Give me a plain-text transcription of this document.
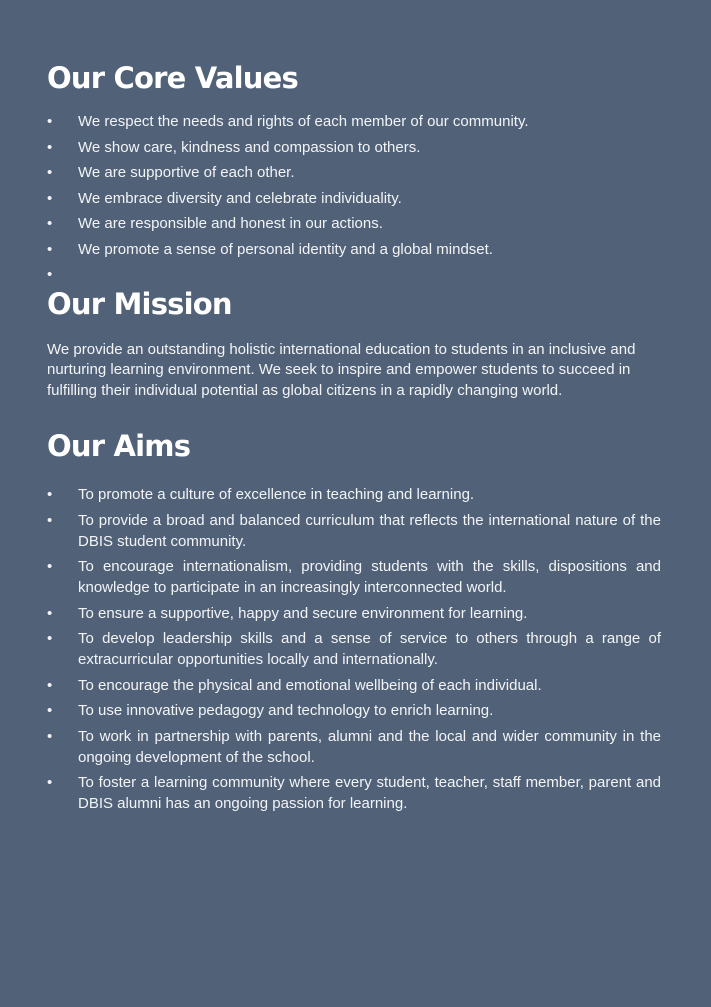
Our Core Values
• We respect the needs and rights of each member of our community.
• We show care, kindness and compassion to others.
• We are supportive of each other.
• We embrace diversity and celebrate individuality.
• We are responsible and honest in our actions.
• We promote a sense of personal identity and a global mindset.
•

Our Mission

We provide an outstanding holistic international education to students in an inclusive and nurturing learning environment. We seek to inspire and empower students to succeed in fulfilling their individual potential as global citizens in a rapidly changing world.

Our Aims
• To promote a culture of excellence in teaching and learning.
• To provide a broad and balanced curriculum that reflects the international nature of the DBIS student community.
• To encourage internationalism, providing students with the skills, dispositions and knowledge to participate in an increasingly interconnected world.
• To ensure a supportive, happy and secure environment for learning.
• To develop leadership skills and a sense of service to others through a range of extracurricular opportunities locally and internationally.
• To encourage the physical and emotional wellbeing of each individual.
• To use innovative pedagogy and technology to enrich learning.
• To work in partnership with parents, alumni and the local and wider community in the ongoing development of the school.
• To foster a learning community where every student, teacher, staff member, parent and DBIS alumni has an ongoing passion for learning.
